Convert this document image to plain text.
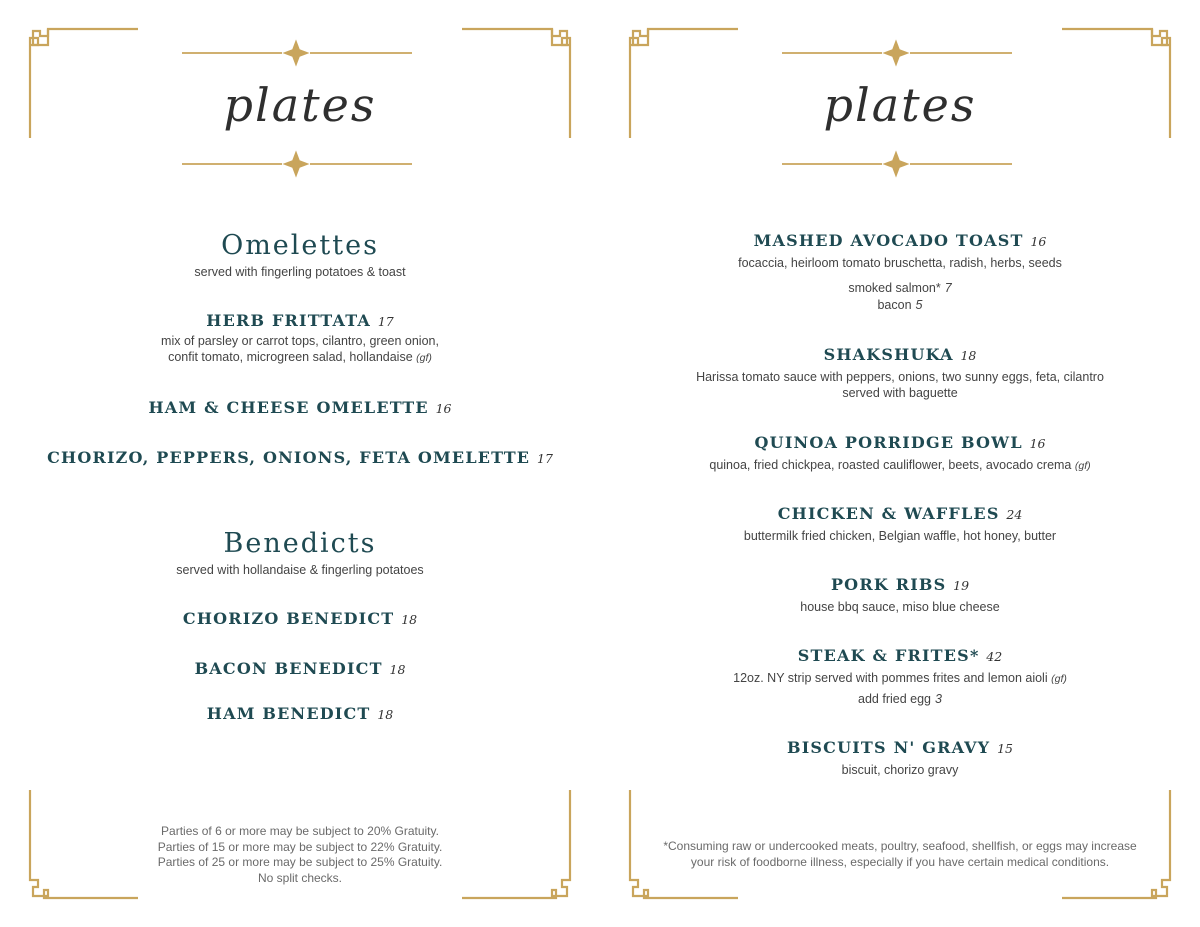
plates
Omelettes
served with fingerling potatoes & toast
HERB FRITTATA 17
mix of parsley or carrot tops, cilantro, green onion,
confit tomato, microgreen salad, hollandaise (gf)
HAM & CHEESE OMELETTE 16
CHORIZO, PEPPERS, ONIONS, FETA OMELETTE 17
Benedicts
served with hollandaise & fingerling potatoes
CHORIZO BENEDICT 18
BACON BENEDICT 18
HAM BENEDICT 18
Parties of 6 or more may be subject to 20% Gratuity.
Parties of 15 or more may be subject to 22% Gratuity.
Parties of 25 or more may be subject to 25% Gratuity.
No split checks.
plates
MASHED AVOCADO TOAST 16
focaccia, heirloom tomato bruschetta, radish, herbs, seeds
smoked salmon* 7
bacon 5
SHAKSHUKA 18
Harissa tomato sauce with peppers, onions, two sunny eggs, feta, cilantro
served with baguette
QUINOA PORRIDGE BOWL 16
quinoa, fried chickpea, roasted cauliflower, beets, avocado crema (gf)
CHICKEN & WAFFLES 24
buttermilk fried chicken, Belgian waffle, hot honey, butter
PORK RIBS 19
house bbq sauce, miso blue cheese
STEAK & FRITES* 42
12oz. NY strip served with pommes frites and lemon aioli (gf)
add fried egg 3
BISCUITS N' GRAVY 15
biscuit, chorizo gravy
*Consuming raw or undercooked meats, poultry, seafood, shellfish, or eggs may increase
your risk of foodborne illness, especially if you have certain medical conditions.
